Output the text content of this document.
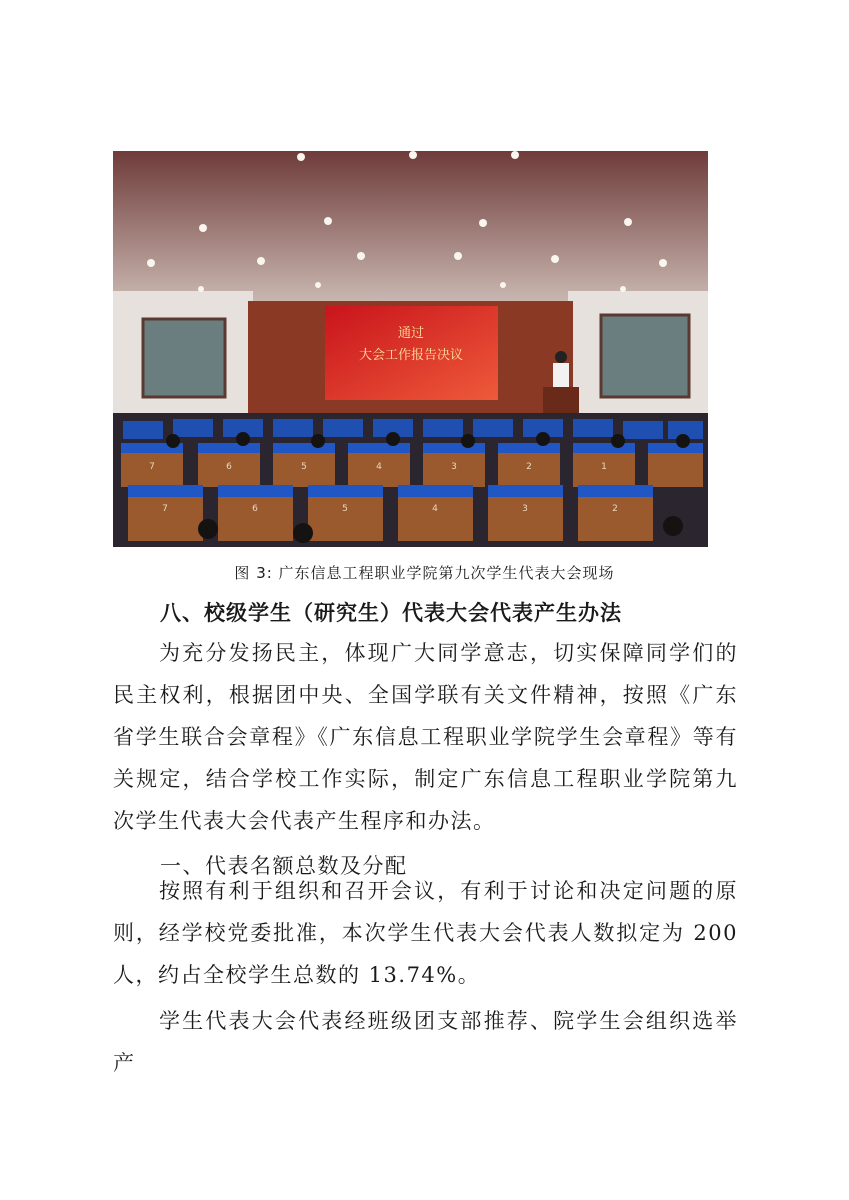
通过
大会工作报告决议
7	6	5	4	3	2
7	6	5	4	3	2	1
图 3: 广东信息工程职业学院第九次学生代表大会现场
八、校级学生（研究生）代表大会代表产生办法
为充分发扬民主，体现广大同学意志，切实保障同学们的民主权利，根据团中央、全国学联有关文件精神，按照《广东省学生联合会章程》《广东信息工程职业学院学生会章程》等有关规定，结合学校工作实际，制定广东信息工程职业学院第九次学生代表大会代表产生程序和办法。
一、代表名额总数及分配
按照有利于组织和召开会议，有利于讨论和决定问题的原则，经学校党委批准，本次学生代表大会代表人数拟定为 200 人，约占全校学生总数的 13.74%。
学生代表大会代表经班级团支部推荐、院学生会组织选举产
